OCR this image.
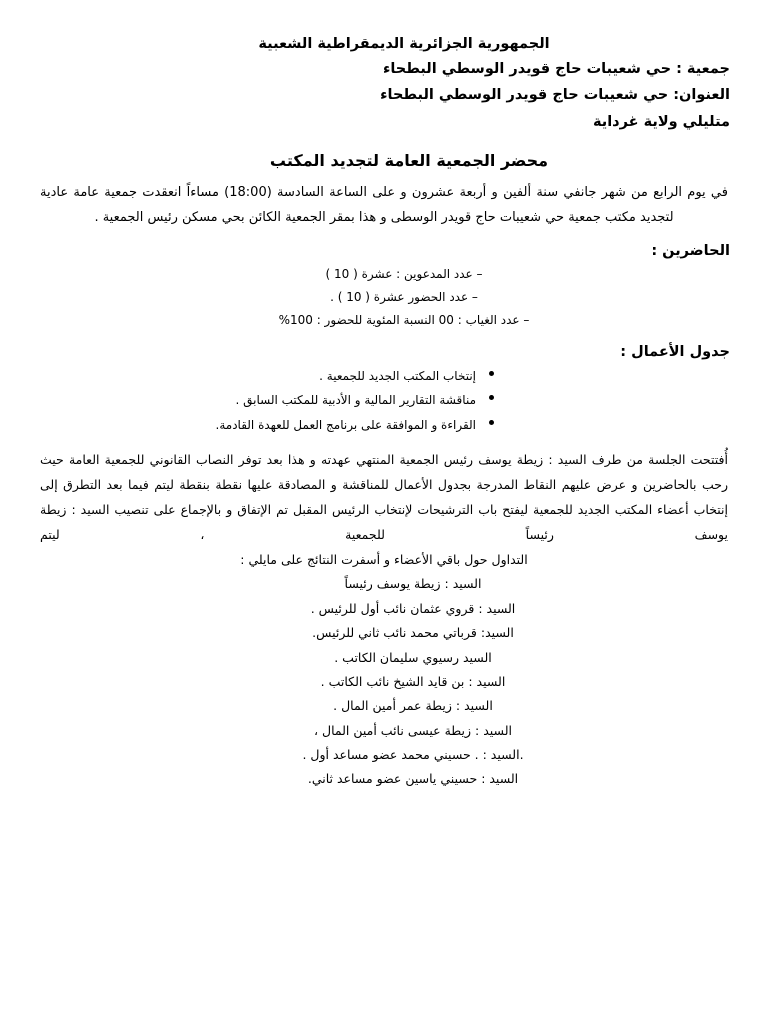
الجمهورية الجزائرية الديمقراطية الشعبية
جمعية : حي شعيبات حاج قويدر الوسطي البطحاء
العنوان: حي شعيبات حاج قويدر الوسطي البطحاء
متليلي ولاية غرداية
محضر الجمعية العامة لتجديد المكتب
في يوم الرابع من شهر جانفي سنة ألفين و أربعة عشرون و على الساعة السادسة (18:00) مساءاً انعقدت جمعية عامة عادية
لتجديد مكتب جمعية حي شعيبات حاج قويدر الوسطى و هذا بمقر الجمعية الكائن بحي مسكن رئيس الجمعية .
الحاضرين :
– عدد المدعوين : عشرة ( 10 )
– عدد الحضور عشرة ( 10 ) .
– عدد الغياب : 00 النسبة المئوية للحضور : 100%
جدول الأعمال :
إنتخاب المكتب الجديد للجمعية .
مناقشة التقارير المالية و الأدبية للمكتب السابق .
القراءة و الموافقة على برنامج العمل للعهدة القادمة.
أُفتتحت الجلسة من طرف السيد : زيطة يوسف رئيس الجمعية المنتهي عهدته و هذا بعد توفر النصاب القانوني للجمعية العامة حيث رحب بالحاضرين و عرض عليهم النقاط المدرجة بجدول الأعمال للمناقشة و المصادقة عليها نقطة بنقطة ليتم فيما بعد التطرق إلى إنتخاب أعضاء المكتب الجديد للجمعية ليفتح باب الترشيحات لإنتخاب الرئيس المقبل تم الإتفاق و بالإجماع على تنصيب السيد : زيطة يوسف رئيساً للجمعية ، ليتم
التداول حول باقي الأعضاء و أسفرت النتائج على مايلي :
السيد : زيطة يوسف رئيساً
السيد : قروي عثمان نائب أول للرئيس .
السيد: قرباتي محمد نائب ثاني للرئيس.
السيد رسيوي سليمان الكاتب .
السيد : بن قايد الشيخ نائب الكاتب .
السيد : زيطة عمر أمين المال .
السيد : زيطة عيسى نائب أمين المال ،
.السيد : . حسيني محمد عضو مساعد أول .
السيد : حسيني ياسين عضو مساعد ثاني.
